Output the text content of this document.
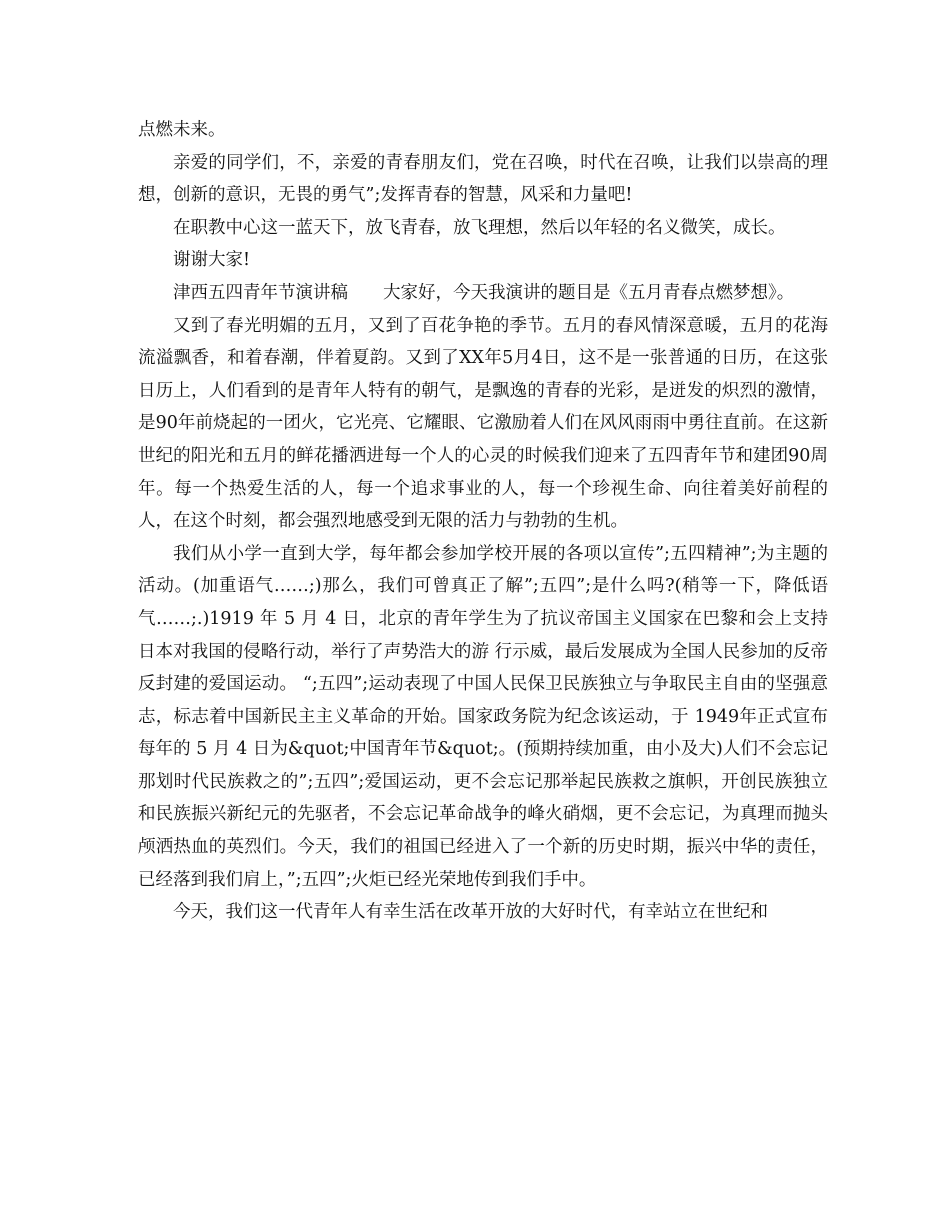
点燃未来。

亲爱的同学们，不，亲爱的青春朋友们，党在召唤，时代在召唤，让我们以崇高的理想，创新的意识，无畏的勇气”;发挥青春的智慧，风采和力量吧!

在职教中心这一蓝天下，放飞青春，放飞理想，然后以年轻的名义微笑，成长。

谢谢大家!

津西五四青年节演讲稿　　大家好，今天我演讲的题目是《五月青春点燃梦想》。

又到了春光明媚的五月，又到了百花争艳的季节。五月的春风情深意暖，五月的花海流溢飘香，和着春潮，伴着夏韵。又到了XX年5月4日，这不是一张普通的日历，在这张日历上，人们看到的是青年人特有的朝气，是飘逸的青春的光彩，是迸发的炽烈的激情，是90年前烧起的一团火，它光亮、它耀眼、它激励着人们在风风雨雨中勇往直前。在这新世纪的阳光和五月的鲜花播洒进每一个人的心灵的时候我们迎来了五四青年节和建团90周年。每一个热爱生活的人，每一个追求事业的人，每一个珍视生命、向往着美好前程的人，在这个时刻，都会强烈地感受到无限的活力与勃勃的生机。

我们从小学一直到大学，每年都会参加学校开展的各项以宣传”;五四精神”;为主题的活动。(加重语气……;)那么，我们可曾真正了解”;五四”;是什么吗?(稍等一下，降低语气……;.)1919 年 5 月 4 日，北京的青年学生为了抗议帝国主义国家在巴黎和会上支持日本对我国的侵略行动，举行了声势浩大的游 行示威，最后发展成为全国人民参加的反帝反封建的爱国运动。 “;五四”;运动表现了中国人民保卫民族独立与争取民主自由的坚强意志，标志着中国新民主主义革命的开始。国家政务院为纪念该运动，于 1949年正式宣布每年的 5 月 4 日为&quot;中国青年节&quot;。(预期持续加重，由小及大)人们不会忘记那划时代民族救之的”;五四”;爱国运动，更不会忘记那举起民族救之旗帜，开创民族独立和民族振兴新纪元的先驱者，不会忘记革命战争的峰火硝烟，更不会忘记，为真理而抛头颅洒热血的英烈们。今天，我们的祖国已经进入了一个新的历史时期，振兴中华的责任，已经落到我们肩上，”;五四”;火炬已经光荣地传到我们手中。

今天，我们这一代青年人有幸生活在改革开放的大好时代，有幸站立在世纪和
